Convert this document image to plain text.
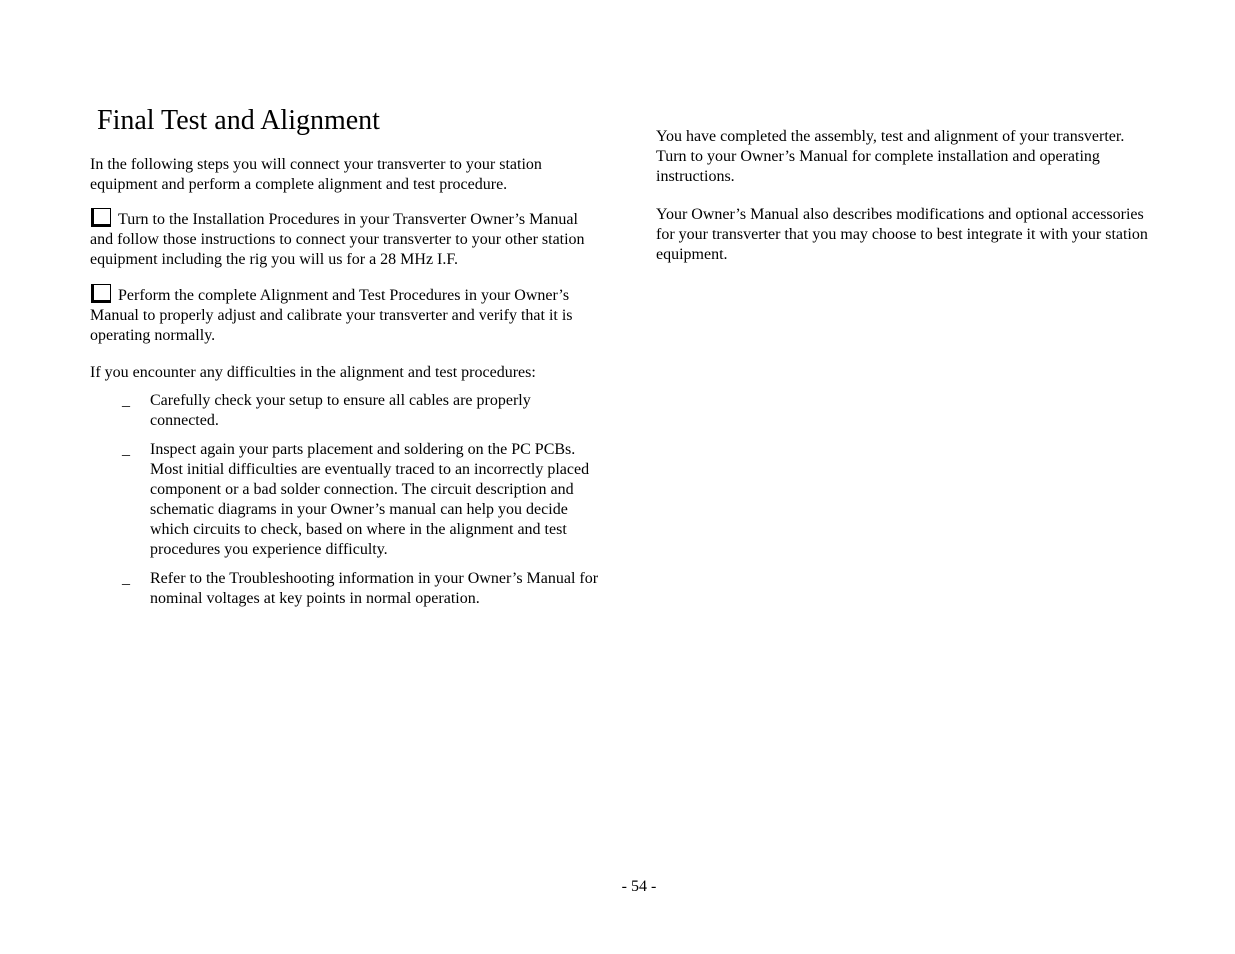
Final Test and Alignment

In the following steps you will connect your transverter to your station equipment and perform a complete alignment and test procedure.

Turn to the Installation Procedures in your Transverter Owner’s Manual and follow those instructions to connect your transverter to your other station equipment including the rig you will us for a 28 MHz I.F.

Perform the complete Alignment and Test Procedures in your Owner’s Manual to properly adjust and calibrate your transverter and verify that it is operating normally.

If you encounter any difficulties in the alignment and test procedures:

_ Carefully check your setup to ensure all cables are properly connected.
_ Inspect again your parts placement and soldering on the PC PCBs. Most initial difficulties are eventually traced to an incorrectly placed component or a bad solder connection. The circuit description and schematic diagrams in your Owner’s manual can help you decide which circuits to check, based on where in the alignment and test procedures you experience difficulty.
_ Refer to the Troubleshooting information in your Owner’s Manual for nominal voltages at key points in normal operation.

You have completed the assembly, test and alignment of your transverter. Turn to your Owner’s Manual for complete installation and operating instructions.

Your Owner’s Manual also describes modifications and optional accessories for your transverter that you may choose to best integrate it with your station equipment.

- 54 -
